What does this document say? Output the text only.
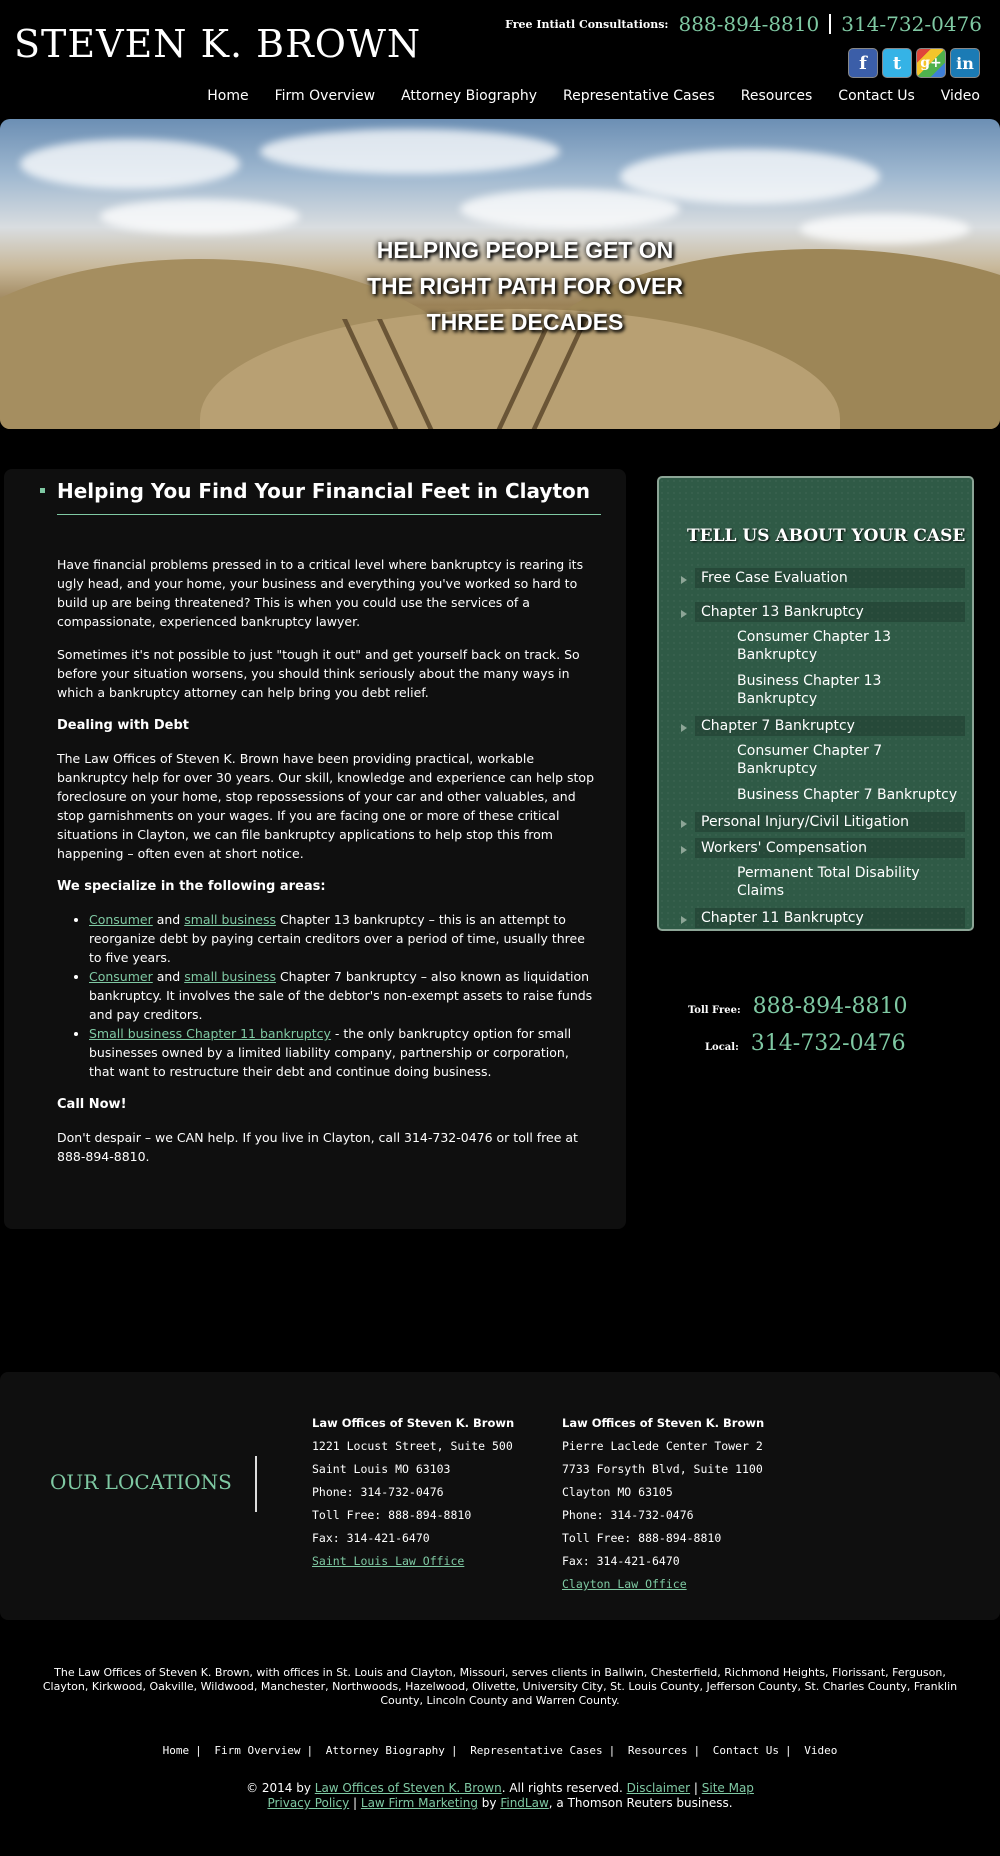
STEVEN K. BROWN	Free Intiatl Consultations: 888-894-8810 314-732-0476
f	t	g+ in
Home	Firm Overview	Attorney Biography	Representative Cases	Resources	Contact Us	Video
HELPING PEOPLE GET ON
THE RIGHT PATH FOR OVER
THREE DECADES
Helping You Find Your Financial Feet in Clayton

Have financial problems pressed in to a critical level where bankruptcy is rearing its ugly head, and your home, your business and everything you've worked so hard to build up are being threatened? This is when you could use the services of a compassionate, experienced bankruptcy lawyer.

Sometimes it's not possible to just "tough it out" and get yourself back on track. So before your situation worsens, you should think seriously about the many ways in which a bankruptcy attorney can help bring you debt relief.

Dealing with Debt

The Law Offices of Steven K. Brown have been providing practical, workable bankruptcy help for over 30 years. Our skill, knowledge and experience can help stop foreclosure on your home, stop repossessions of your car and other valuables, and stop garnishments on your wages. If you are facing one or more of these critical situations in Clayton, we can file bankruptcy applications to help stop this from happening – often even at short notice.

We specialize in the following areas:
• Consumer and small business Chapter 13 bankruptcy – this is an attempt to reorganize debt by paying certain creditors over a period of time, usually three to five years.
• Consumer and small business Chapter 7 bankruptcy – also known as liquidation bankruptcy. It involves the sale of the debtor's non-exempt assets to raise funds and pay creditors.
• Small business Chapter 11 bankruptcy - the only bankruptcy option for small businesses owned by a limited liability company, partnership or corporation, that want to restructure their debt and continue doing business.
Call Now!

Don't despair – we CAN help. If you live in Clayton, call 314-732-0476 or toll free at 888-894-8810.

TELL US ABOUT YOUR CASE
Free Case Evaluation
Chapter 13 Bankruptcy
Consumer Chapter 13 Bankruptcy
Business Chapter 13 Bankruptcy
Chapter 7 Bankruptcy
Consumer Chapter 7 Bankruptcy
Business Chapter 7 Bankruptcy
Personal Injury/Civil Litigation
Workers' Compensation
Permanent Total Disability Claims
Chapter 11 Bankruptcy
Toll Free: 888-894-8810
Local: 314-732-0476
OUR LOCATIONS
Law Offices of Steven K. Brown
1221 Locust Street, Suite 500
Saint Louis MO 63103
Phone: 314-732-0476
Toll Free: 888-894-8810
Fax: 314-421-6470
Saint Louis Law Office
Law Offices of Steven K. Brown
Pierre Laclede Center Tower 2
7733 Forsyth Blvd, Suite 1100
Clayton MO 63105
Phone: 314-732-0476
Toll Free: 888-894-8810
Fax: 314-421-6470
Clayton Law Office
The Law Offices of Steven K. Brown, with offices in St. Louis and Clayton, Missouri, serves clients in Ballwin, Chesterfield, Richmond Heights, Florissant, Ferguson, Clayton, Kirkwood, Oakville, Wildwood, Manchester, Northwoods, Hazelwood, Olivette, University City, St. Louis County, Jefferson County, St. Charles County, Franklin County, Lincoln County and Warren County.
Home | Firm Overview | Attorney Biography | Representative Cases | Resources | Contact Us | Video
© 2014 by Law Offices of Steven K. Brown. All rights reserved. Disclaimer | Site Map
Privacy Policy | Law Firm Marketing by FindLaw, a Thomson Reuters business.
